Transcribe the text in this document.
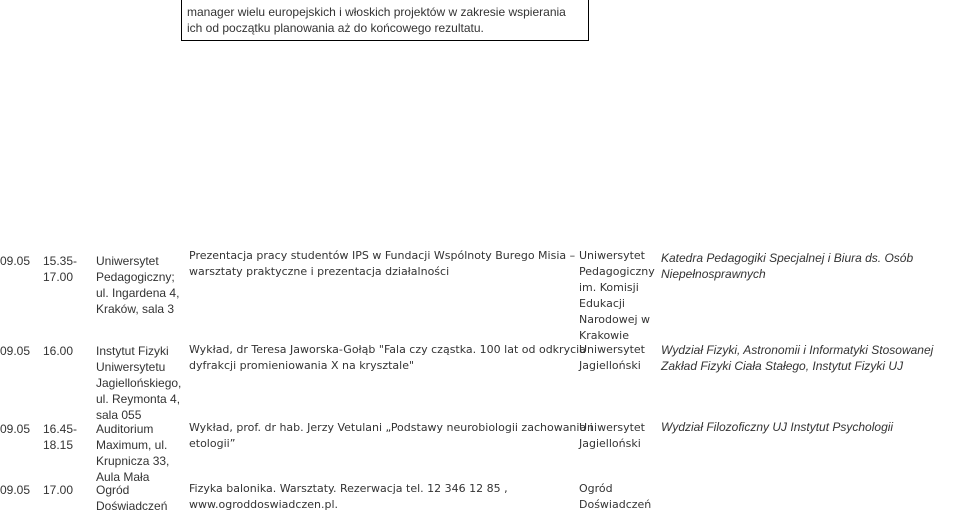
manager wielu europejskich i włoskich projektów w zakresie wspierania
ich od początku planowania aż do końcowego rezultatu.
09.05 15.35-
17.00
Uniwersytet
Pedagogiczny;
ul. Ingardena 4,
Kraków, sala 3
Prezentacja pracy studentów IPS w Fundacji Wspólnoty Burego Misia –
warsztaty praktyczne i prezentacja działalności
Uniwersytet
Pedagogiczny
im. Komisji
Edukacji
Narodowej w
Krakowie
Katedra Pedagogiki Specjalnej i Biura ds. Osób
Niepełnosprawnych
09.05 16.00 Instytut Fizyki
Uniwersytetu
Jagiellońskiego,
ul. Reymonta 4,
sala 055
Wykład, dr Teresa Jaworska-Gołąb "Fala czy cząstka. 100 lat od odkrycia
dyfrakcji promieniowania X na krysztale"
Uniwersytet
Jagielloński
Wydział Fizyki, Astronomii i Informatyki Stosowanej
Zakład Fizyki Ciała Stałego, Instytut Fizyki UJ
09.05 16.45-
18.15
Auditorium
Maximum, ul.
Krupnicza 33,
Aula Mała
Wykład, prof. dr hab. Jerzy Vetulani „Podstawy neurobiologii zachowania i
etologii”
Uniwersytet
Jagielloński
Wydział Filozoficzny UJ Instytut Psychologii
09.05 17.00 Ogród
Doświadczeń
Fizyka balonika. Warsztaty. Rezerwacja tel. 12 346 12 85 ,
www.ogroddoswiadczen.pl.
Ogród
Doświadczeń
